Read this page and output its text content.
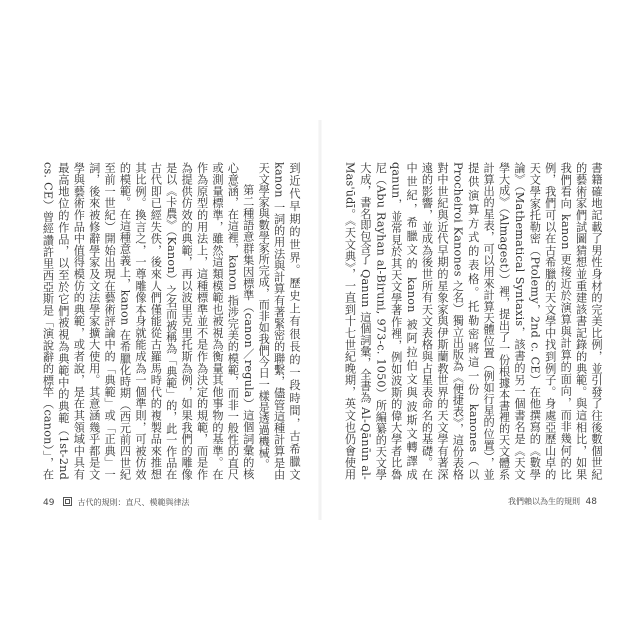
到近代早期的世界。歷史上有很長的一段時間，古希臘文 kanon 一詞的用法與計算有著緊密的聯繫，儘管這種計算是由天文學家與數學家所完成，而非如我們今日一樣是透過機械。

第二種語意群集因標準（canon／regula）這個詞彙的核心意涵，在這裡，kanon 指涉完美的模範，而非一般性的直尺或測量標準，雖然這類模範也被視為衡量其他事物的基準。在作為原型的用法上，這種標準並不是作為決定的規範，而是作為提供仿效的典範，再以波里克里托斯為例，如果我們的雕像是以《卡農》（Kanon）之名而被稱為「典範」的，此一作品在古代即已經失佚，後來人們僅能從古羅馬時代的複製品來推想其比例。換言之，一尊雕像本身就能成為一個準則，可被仿效的模範。在這種意義上，kanon 在希臘化時期（西元前四世紀至前一世紀）開始出現在藝術評論中的「典範」或「正典」一詞，後來被修辭學家及文法學家擴大使用。其意涵幾乎都是文學與藝術作品中值得模仿的典範，或者說，是在其領域中具有最高地位的作品，以至於它們被視為典範中的典範（1st-2nd cs. CE）曾經讚許里西亞斯是「演說辭的標竿（canon）」，在

49	古代的規則：直尺、模範與律法

書籍確地記載了男性身材的完美比例，並引發了往後數個世紀的藝術家們試圖猜想並重建該書記錄的典範。與這相比，如果我們看向 kanon 更接近於演算與計算的面向，而非幾何的比例，我們可以在古希臘的天文學中找到例子。身處亞歷山卓的天文學家托勒密（Ptolemy，2nd c. CE）在他撰寫的《數學論》（Mathematical Syntaxis，該書的另一個書名是《天文學大成》（Almagest））裡，提出了一份根據本書裡的天文體系計算出的星表，可以用來計算天體位置（例如行星的位置），並提供演算方式的表格。托勒密將這一份 kanones（以 Procheiroi Kanones 之名）獨立出版為《便捷表》，這份表格對中世紀與近代早期的星象家與伊斯蘭教世界的天文學有著深遠的影響，並成為後世所有天文表格與占星表命名的基礎。在中世紀，希臘文的 kanon 被阿拉伯文與波斯文轉譯成 qanun，並常見於其天文學著作裡，例如波斯的偉大學者比魯尼（Abu Rayhan al-Biruni, 973-c. 1050）所編纂的天文學大成，書名即包含了 Qanun 這個詞彙，全書為 Al-Qānūn al-Mas'ūdī。《天文典》，一直到十七世紀晚期，英文也仍會使用

我們賴以為生的規則 48
